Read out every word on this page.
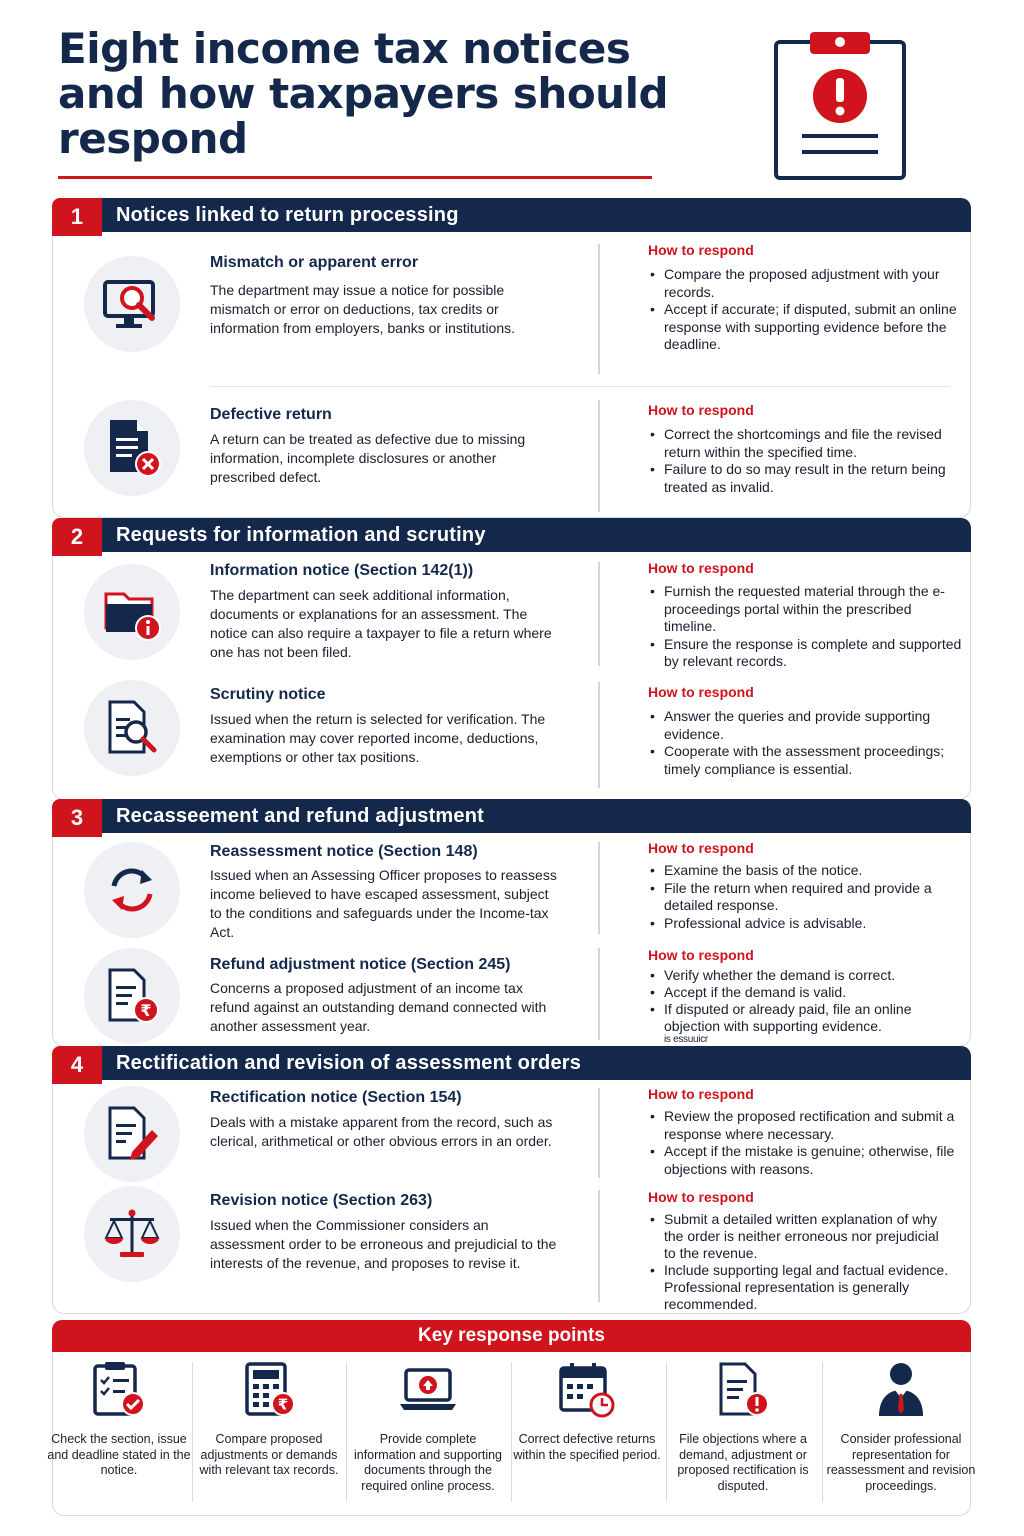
Eight income tax notices and how taxpayers should respond
1	Notices linked to return processing
Mismatch or apparent error
The department may issue a notice for possible mismatch or error on deductions, tax credits or information from employers, banks or institutions.
How to respond
• Compare the proposed adjustment with your records.
• Accept if accurate; if disputed, submit an online response with supporting evidence before the deadline.
Defective return
A return can be treated as defective due to missing information, incomplete disclosures or another prescribed defect.
How to respond
• Correct the shortcomings and file the revised return within the specified time.
• Failure to do so may result in the return being treated as invalid.
2	Requests for information and scrutiny
Information notice (Section 142(1))
The department can seek additional information, documents or explanations for an assessment. The notice can also require a taxpayer to file a return where one has not been filed.
How to respond
• Furnish the requested material through the e-proceedings portal within the prescribed timeline.
• Ensure the response is complete and supported by relevant records.
Scrutiny notice
Issued when the return is selected for verification. The examination may cover reported income, deductions, exemptions or other tax positions.
How to respond
• Answer the queries and provide supporting evidence.
• Cooperate with the assessment proceedings; timely compliance is essential.
3	Recasseement and refund adjustment
Reassessment notice (Section 148)
Issued when an Assessing Officer proposes to reassess income believed to have escaped assessment, subject to the conditions and safeguards under the Income-tax Act.
How to respond
• Examine the basis of the notice.
• File the return when required and provide a detailed response.
• Professional advice is advisable.
₹
Refund adjustment notice (Section 245)
Concerns a proposed adjustment of an income tax refund against an outstanding demand connected with another assessment year.
How to respond
• Verify whether the demand is correct.
• Accept if the demand is valid.
• If disputed or already paid, file an online objection with supporting evidence.
is essuuicr
4	Rectification and revision of assessment orders
Rectification notice (Section 154)
Deals with a mistake apparent from the record, such as clerical, arithmetical or other obvious errors in an order.
How to respond
• Review the proposed rectification and submit a response where necessary.
• Accept if the mistake is genuine; otherwise, file objections with reasons.
Revision notice (Section 263)
Issued when the Commissioner considers an assessment order to be erroneous and prejudicial to the interests of the revenue, and proposes to revise it.
How to respond
• Submit a detailed written explanation of why the order is neither erroneous nor prejudicial to the revenue.
• Include supporting legal and factual evidence. Professional representation is generally recommended.
Key response points
Check the section, issue and deadline stated in the notice.
₹
Compare proposed adjustments or demands with relevant tax records.
Provide complete information and supporting documents through the required online process.
Correct defective returns within the specified period.
File objections where a demand, adjustment or proposed rectification is disputed.
Consider professional representation for reassessment and revision proceedings.
